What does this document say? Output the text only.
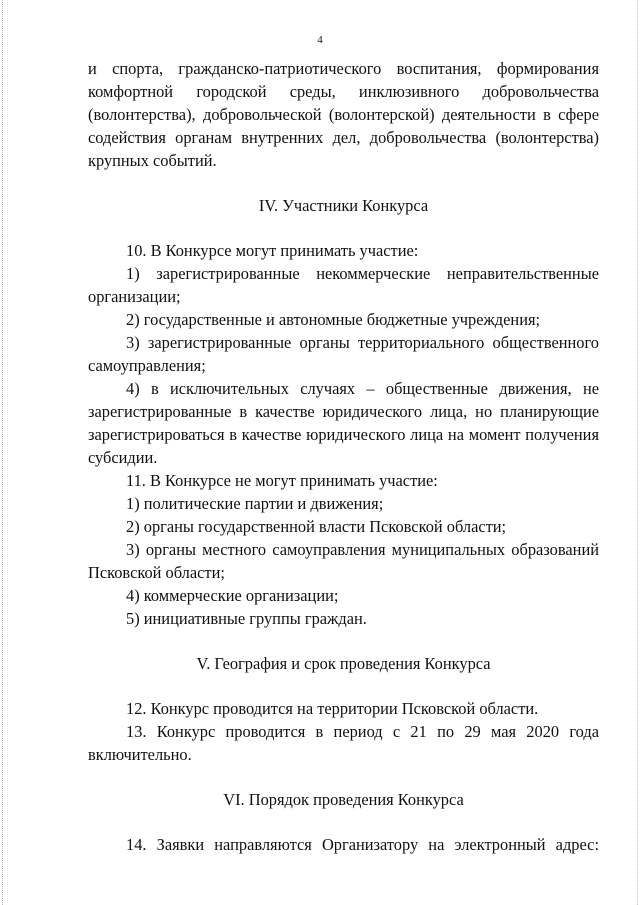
4

и спорта, гражданско-патриотического воспитания, формирования

комфортной городской среды, инклюзивного добровольчества

(волонтерства), добровольческой (волонтерской) деятельности в сфере

содействия органам внутренних дел, добровольчества (волонтерства)

крупных событий.

IV. Участники Конкурса

10. В Конкурсе могут принимать участие:

1) зарегистрированные некоммерческие неправительственные

организации;

2) государственные и автономные бюджетные учреждения;

3) зарегистрированные органы территориального общественного

самоуправления;

4) в исключительных случаях – общественные движения, не

зарегистрированные в качестве юридического лица, но планирующие

зарегистрироваться в качестве юридического лица на момент получения

субсидии.

11. В Конкурсе не могут принимать участие:

1) политические партии и движения;

2) органы государственной власти Псковской области;

3) органы местного самоуправления муниципальных образований

Псковской области;

4) коммерческие организации;

5) инициативные группы граждан.

V. География и срок проведения Конкурса

12. Конкурс проводится на территории Псковской области.

13. Конкурс проводится в период с 21 по 29 мая 2020 года

включительно.

VI. Порядок проведения Конкурса

14. Заявки направляются Организатору на электронный адрес:
